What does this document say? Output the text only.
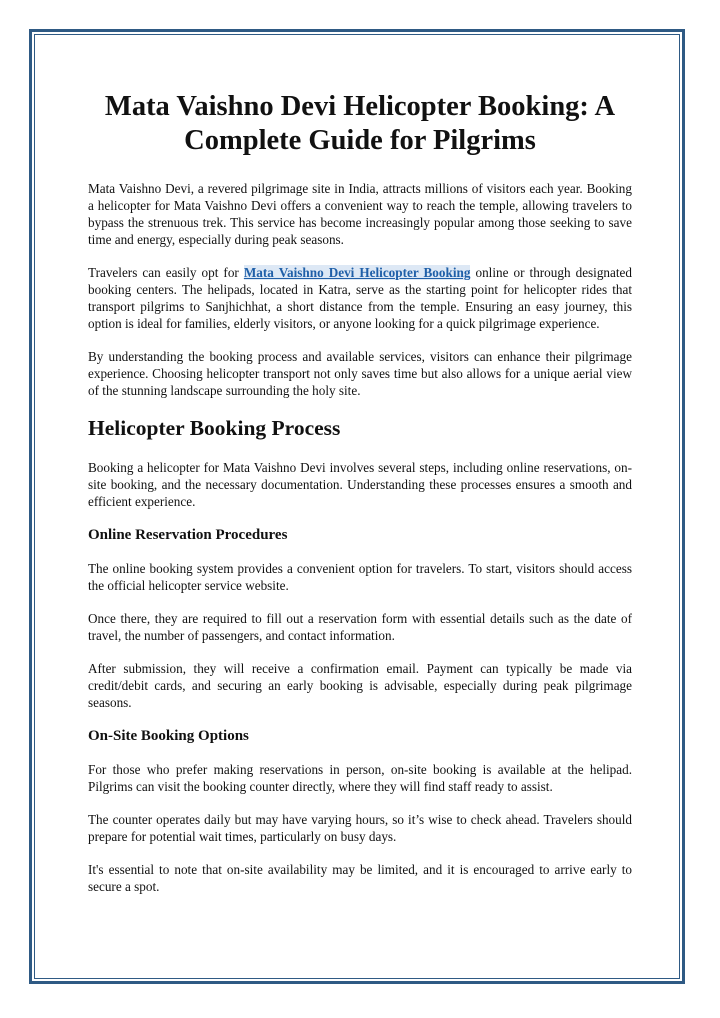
Mata Vaishno Devi Helicopter Booking: A Complete Guide for Pilgrims

Mata Vaishno Devi, a revered pilgrimage site in India, attracts millions of visitors each year. Booking a helicopter for Mata Vaishno Devi offers a convenient way to reach the temple, allowing travelers to bypass the strenuous trek. This service has become increasingly popular among those seeking to save time and energy, especially during peak seasons.

Travelers can easily opt for Mata Vaishno Devi Helicopter Booking online or through designated booking centers. The helipads, located in Katra, serve as the starting point for helicopter rides that transport pilgrims to Sanjhichhat, a short distance from the temple. Ensuring an easy journey, this option is ideal for families, elderly visitors, or anyone looking for a quick pilgrimage experience.

By understanding the booking process and available services, visitors can enhance their pilgrimage experience. Choosing helicopter transport not only saves time but also allows for a unique aerial view of the stunning landscape surrounding the holy site.

Helicopter Booking Process

Booking a helicopter for Mata Vaishno Devi involves several steps, including online reservations, on-site booking, and the necessary documentation. Understanding these processes ensures a smooth and efficient experience.

Online Reservation Procedures

The online booking system provides a convenient option for travelers. To start, visitors should access the official helicopter service website.

Once there, they are required to fill out a reservation form with essential details such as the date of travel, the number of passengers, and contact information.

After submission, they will receive a confirmation email. Payment can typically be made via credit/debit cards, and securing an early booking is advisable, especially during peak pilgrimage seasons.

On-Site Booking Options

For those who prefer making reservations in person, on-site booking is available at the helipad. Pilgrims can visit the booking counter directly, where they will find staff ready to assist.

The counter operates daily but may have varying hours, so it’s wise to check ahead. Travelers should prepare for potential wait times, particularly on busy days.

It's essential to note that on-site availability may be limited, and it is encouraged to arrive early to secure a spot.
